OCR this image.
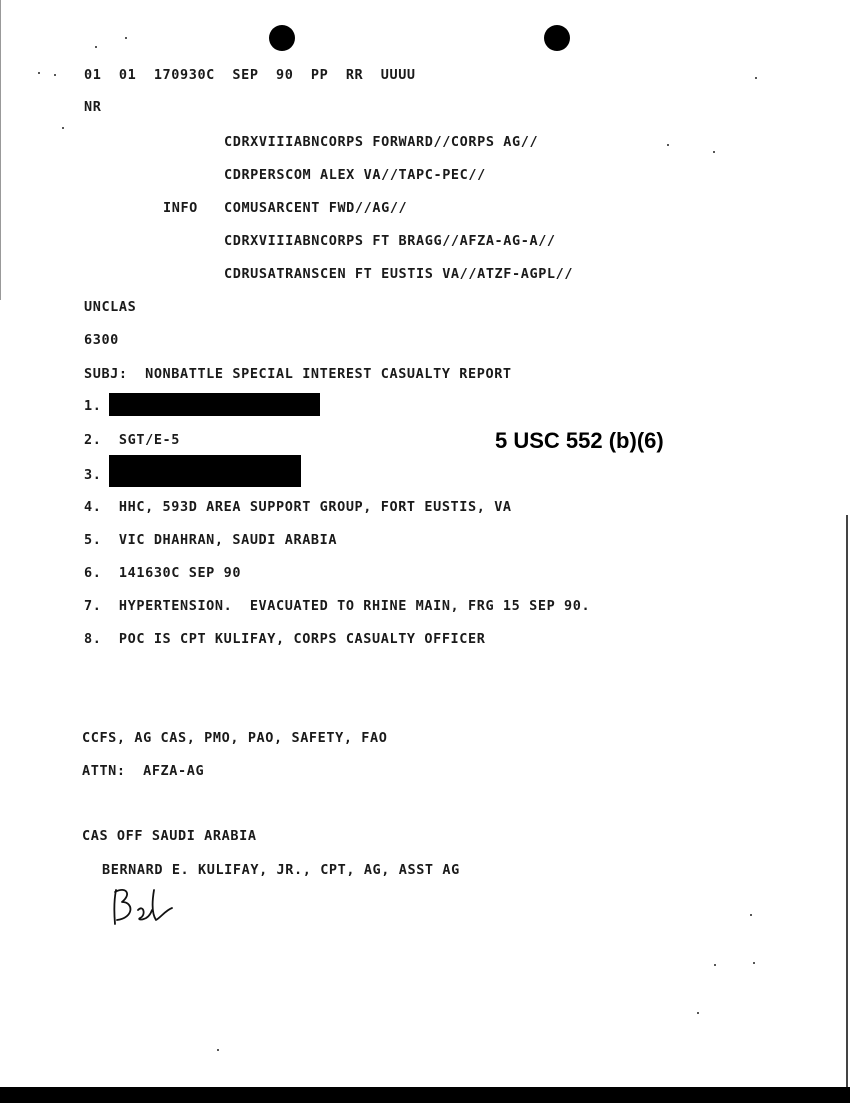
01  01  170930C  SEP  90  PP  RR  UUUU
NR
CDRXVIIIABNCORPS FORWARD//CORPS AG//
CDRPERSCOM ALEX VA//TAPC-PEC//
INFO COMUSARCENT FWD//AG//
CDRXVIIIABNCORPS FT BRAGG//AFZA-AG-A//
CDRUSATRANSCEN FT EUSTIS VA//ATZF-AGPL//
UNCLAS
6300
SUBJ:  NONBATTLE SPECIAL INTEREST CASUALTY REPORT
1.
2.  SGT/E-5	5 USC 552 (b)(6)
3.
4.  HHC, 593D AREA SUPPORT GROUP, FORT EUSTIS, VA
5.  VIC DHAHRAN, SAUDI ARABIA
6.  141630C SEP 90
7.  HYPERTENSION.  EVACUATED TO RHINE MAIN, FRG 15 SEP 90.
8.  POC IS CPT KULIFAY, CORPS CASUALTY OFFICER
CCFS, AG CAS, PMO, PAO, SAFETY, FAO
ATTN:  AFZA-AG
CAS OFF SAUDI ARABIA
BERNARD E. KULIFAY, JR., CPT, AG, ASST AG
